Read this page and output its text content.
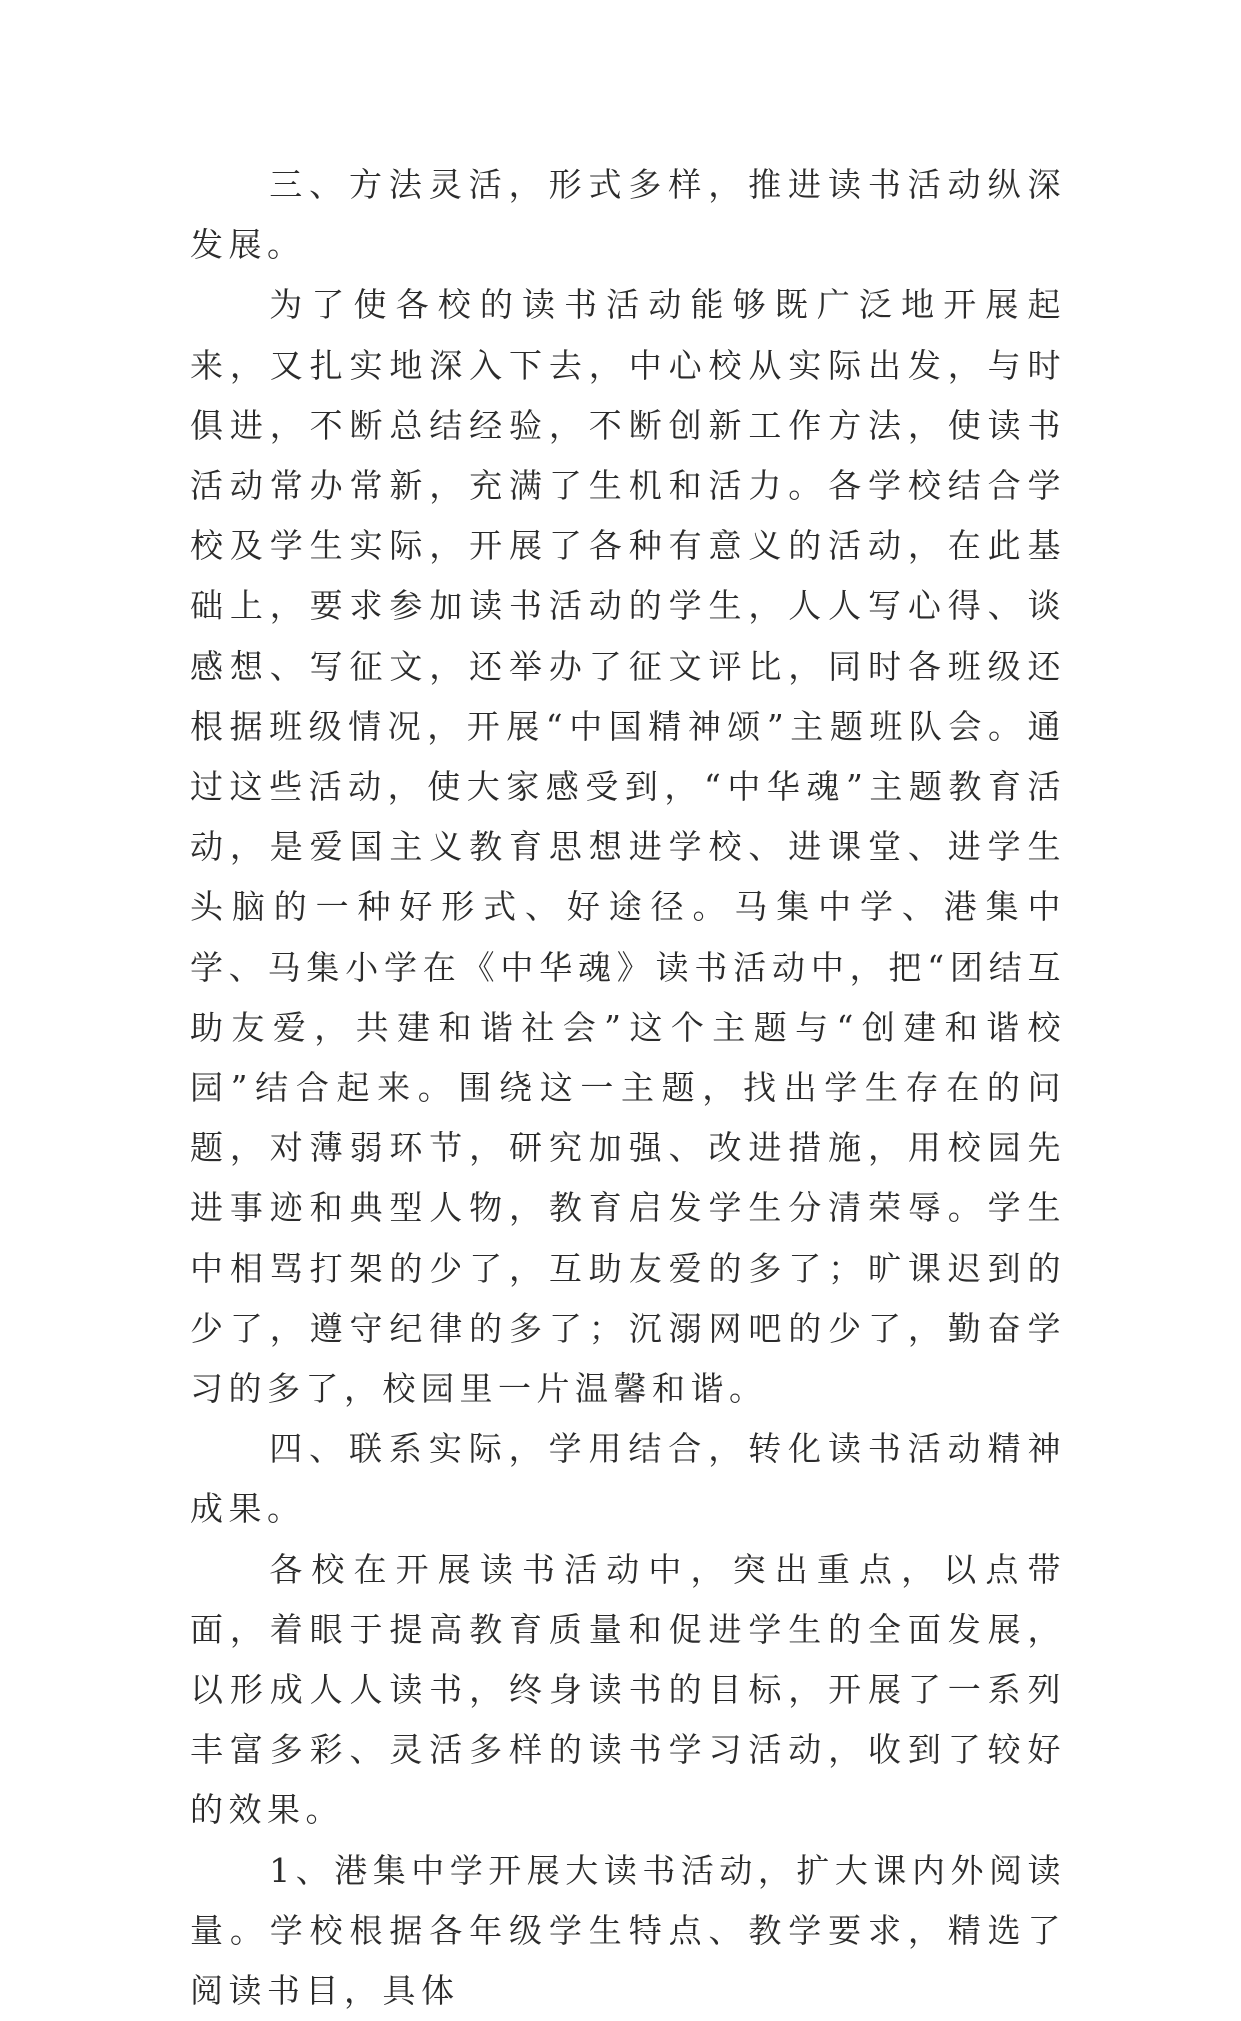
三、方法灵活，形式多样，推进读书活动纵深发展。

为了使各校的读书活动能够既广泛地开展起来，又扎实地深入下去，中心校从实际出发，与时俱进，不断总结经验，不断创新工作方法，使读书活动常办常新，充满了生机和活力。各学校结合学校及学生实际，开展了各种有意义的活动，在此基础上，要求参加读书活动的学生，人人写心得、谈感想、写征文，还举办了征文评比，同时各班级还根据班级情况，开展“中国精神颂”主题班队会。通过这些活动，使大家感受到，“中华魂”主题教育活动，是爱国主义教育思想进学校、进课堂、进学生头脑的一种好形式、好途径。马集中学、港集中学、马集小学在《中华魂》读书活动中，把“团结互助友爱，共建和谐社会”这个主题与“创建和谐校园”结合起来。围绕这一主题，找出学生存在的问题，对薄弱环节，研究加强、改进措施，用校园先进事迹和典型人物，教育启发学生分清荣辱。学生中相骂打架的少了，互助友爱的多了；旷课迟到的少了，遵守纪律的多了；沉溺网吧的少了，勤奋学习的多了，校园里一片温馨和谐。

四、联系实际，学用结合，转化读书活动精神成果。

各校在开展读书活动中，突出重点，以点带面，着眼于提高教育质量和促进学生的全面发展，以形成人人读书，终身读书的目标，开展了一系列丰富多彩、灵活多样的读书学习活动，收到了较好的效果。

1、港集中学开展大读书活动，扩大课内外阅读量。学校根据各年级学生特点、教学要求，精选了阅读书目，具体
